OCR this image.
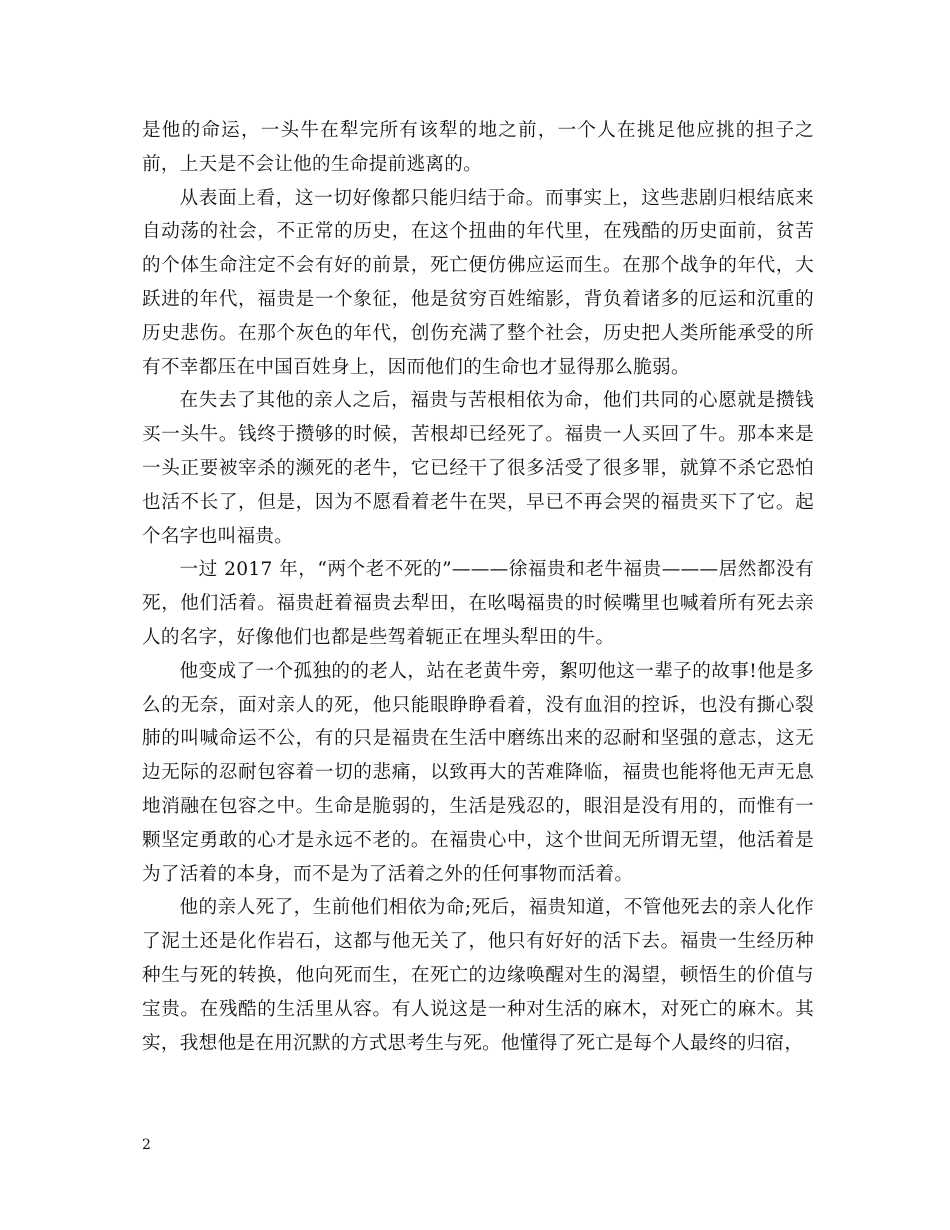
是他的命运，一头牛在犁完所有该犁的地之前，一个人在挑足他应挑的担子之前，上天是不会让他的生命提前逃离的。

从表面上看，这一切好像都只能归结于命。而事实上，这些悲剧归根结底来自动荡的社会，不正常的历史，在这个扭曲的年代里，在残酷的历史面前，贫苦的个体生命注定不会有好的前景，死亡便仿佛应运而生。在那个战争的年代，大跃进的年代，福贵是一个象征，他是贫穷百姓缩影，背负着诸多的厄运和沉重的历史悲伤。在那个灰色的年代，创伤充满了整个社会，历史把人类所能承受的所有不幸都压在中国百姓身上，因而他们的生命也才显得那么脆弱。

在失去了其他的亲人之后，福贵与苦根相依为命，他们共同的心愿就是攒钱买一头牛。钱终于攒够的时候，苦根却已经死了。福贵一人买回了牛。那本来是一头正要被宰杀的濒死的老牛，它已经干了很多活受了很多罪，就算不杀它恐怕也活不长了，但是，因为不愿看着老牛在哭，早已不再会哭的福贵买下了它。起个名字也叫福贵。

一过 2017 年，“两个老不死的”———徐福贵和老牛福贵———居然都没有死，他们活着。福贵赶着福贵去犁田，在吆喝福贵的时候嘴里也喊着所有死去亲人的名字，好像他们也都是些驾着轭正在埋头犁田的牛。

他变成了一个孤独的的老人，站在老黄牛旁，絮叨他这一辈子的故事!他是多么的无奈，面对亲人的死，他只能眼睁睁看着，没有血泪的控诉，也没有撕心裂肺的叫喊命运不公，有的只是福贵在生活中磨练出来的忍耐和坚强的意志，这无边无际的忍耐包容着一切的悲痛，以致再大的苦难降临，福贵也能将他无声无息地消融在包容之中。生命是脆弱的，生活是残忍的，眼泪是没有用的，而惟有一颗坚定勇敢的心才是永远不老的。在福贵心中，这个世间无所谓无望，他活着是为了活着的本身，而不是为了活着之外的任何事物而活着。

他的亲人死了，生前他们相依为命;死后，福贵知道，不管他死去的亲人化作了泥土还是化作岩石，这都与他无关了，他只有好好的活下去。福贵一生经历种种生与死的转换，他向死而生，在死亡的边缘唤醒对生的渴望，顿悟生的价值与宝贵。在残酷的生活里从容。有人说这是一种对生活的麻木，对死亡的麻木。其实，我想他是在用沉默的方式思考生与死。他懂得了死亡是每个人最终的归宿，

2
